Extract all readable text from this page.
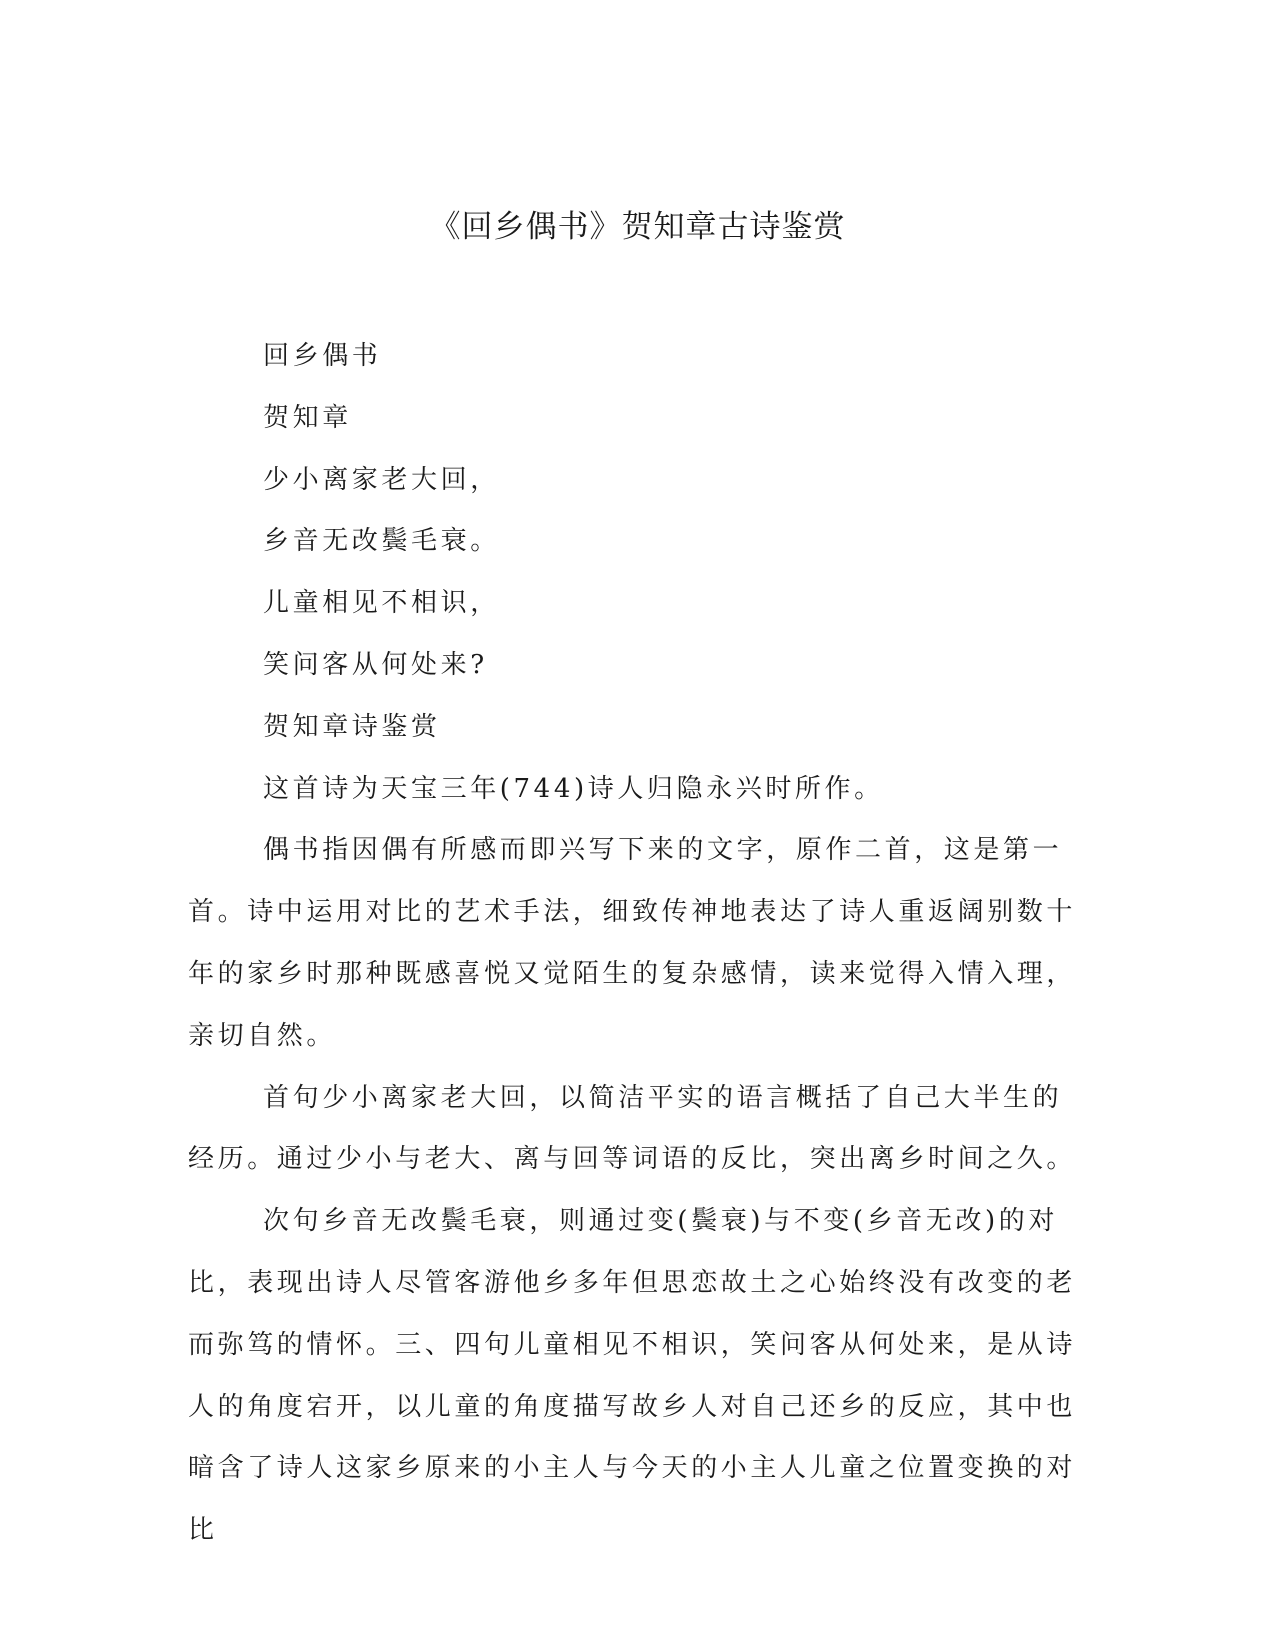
《回乡偶书》贺知章古诗鉴赏

回乡偶书

贺知章

少小离家老大回，

乡音无改鬓毛衰。

儿童相见不相识，

笑问客从何处来?

贺知章诗鉴赏

这首诗为天宝三年(744)诗人归隐永兴时所作。

偶书指因偶有所感而即兴写下来的文字，原作二首，这是第一首。诗中运用对比的艺术手法，细致传神地表达了诗人重返阔别数十年的家乡时那种既感喜悦又觉陌生的复杂感情，读来觉得入情入理，亲切自然。

首句少小离家老大回，以简洁平实的语言概括了自己大半生的经历。通过少小与老大、离与回等词语的反比，突出离乡时间之久。

次句乡音无改鬓毛衰，则通过变(鬓衰)与不变(乡音无改)的对比，表现出诗人尽管客游他乡多年但思恋故土之心始终没有改变的老而弥笃的情怀。三、四句儿童相见不相识，笑问客从何处来，是从诗人的角度宕开，以儿童的角度描写故乡人对自己还乡的反应，其中也暗含了诗人这家乡原来的小主人与今天的小主人儿童之位置变换的对比
